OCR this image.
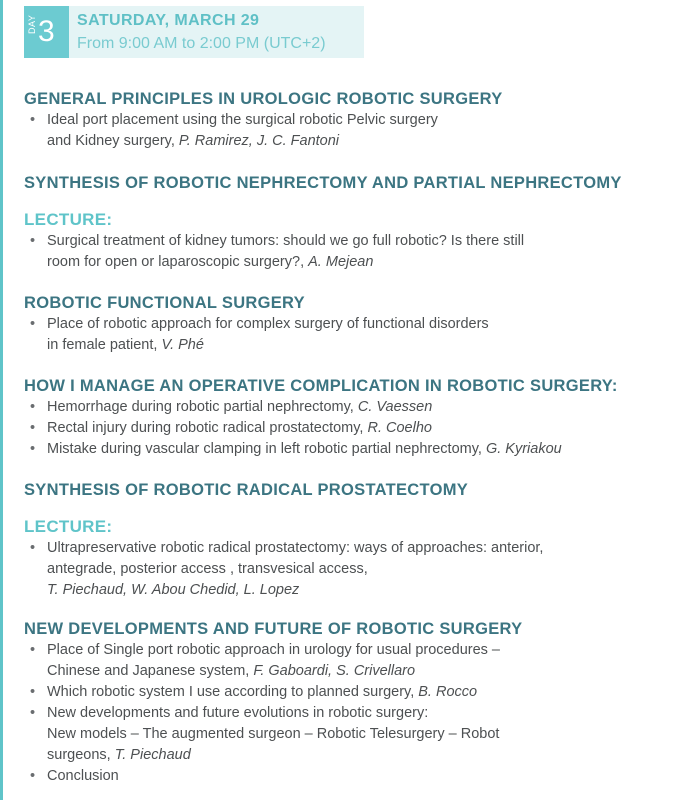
DAY 3 SATURDAY, MARCH 29
From 9:00 AM to 2:00 PM (UTC+2)
GENERAL PRINCIPLES IN UROLOGIC ROBOTIC SURGERY
• Ideal port placement using the surgical robotic Pelvic surgery
and Kidney surgery, P. Ramirez, J. C. Fantoni
SYNTHESIS OF ROBOTIC NEPHRECTOMY AND PARTIAL NEPHRECTOMY
LECTURE:
• Surgical treatment of kidney tumors: should we go full robotic? Is there still
room for open or laparoscopic surgery?, A. Mejean
ROBOTIC FUNCTIONAL SURGERY
• Place of robotic approach for complex surgery of functional disorders
in female patient, V. Phé
HOW I MANAGE AN OPERATIVE COMPLICATION IN ROBOTIC SURGERY:
• Hemorrhage during robotic partial nephrectomy, C. Vaessen
• Rectal injury during robotic radical prostatectomy, R. Coelho
• Mistake during vascular clamping in left robotic partial nephrectomy, G. Kyriakou
SYNTHESIS OF ROBOTIC RADICAL PROSTATECTOMY
LECTURE:
• Ultrapreservative robotic radical prostatectomy: ways of approaches: anterior,
antegrade, posterior access , transvesical access,
T. Piechaud, W. Abou Chedid, L. Lopez
NEW DEVELOPMENTS AND FUTURE OF ROBOTIC SURGERY
• Place of Single port robotic approach in urology for usual procedures –
Chinese and Japanese system, F. Gaboardi, S. Crivellaro
• Which robotic system I use according to planned surgery, B. Rocco
• New developments and future evolutions in robotic surgery:
New models – The augmented surgeon – Robotic Telesurgery – Robot
surgeons, T. Piechaud
• Conclusion
